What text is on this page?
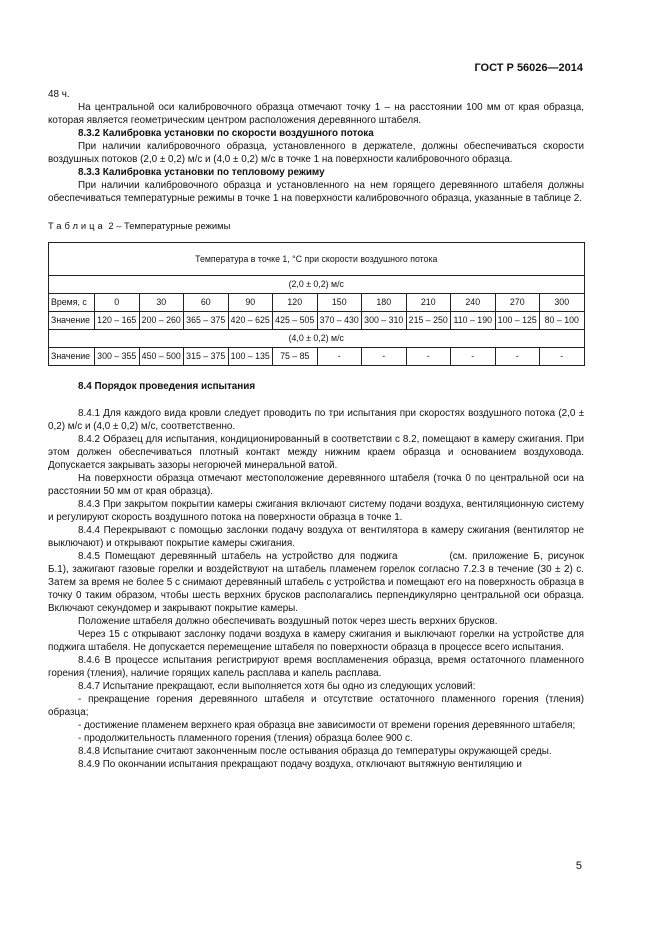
ГОСТ Р 56026—2014

48 ч.

На центральной оси калибровочного образца отмечают точку 1 – на расстоянии 100 мм от края образца, которая является геометрическим центром расположения деревянного штабеля.

8.3.2 Калибровка установки по скорости воздушного потока

При наличии калибровочного образца, установленного в держателе, должны обеспечиваться скорости воздушных потоков (2,0 ± 0,2) м/с и (4,0 ± 0,2) м/с в точке 1 на поверхности калибровочного образца.

8.3.3 Калибровка установки по тепловому режиму

При наличии калибровочного образца и установленного на нем горящего деревянного штабеля должны обеспечиваться температурные режимы в точке 1 на поверхности калибровочного образца, указанные в таблице 2.

Таблица 2 – Температурные режимы

Температура в точке 1, °С при скорости воздушного потока											
(2,0 ± 0,2) м/с											
Время, с	0	30	60	90	120	150	180	210	240	270	300
Значение	120 – 165	200 – 260	365 – 375	420 – 625	425 – 505	370 – 430	300 – 310	215 – 250	110 – 190	100 – 125	80 – 100
(4,0 ± 0,2) м/с											
Значение	300 – 355	450 – 500	315 – 375	100 – 135	75 – 85	-	-	-	-	-	-

8.4 Порядок проведения испытания

8.4.1 Для каждого вида кровли следует проводить по три испытания при скоростях воздушного потока (2,0 ± 0,2) м/с и (4,0 ± 0,2) м/с, соответственно.

8.4.2 Образец для испытания, кондиционированный в соответствии с 8.2, помещают в камеру сжигания. При этом должен обеспечиваться плотный контакт между нижним краем образца и основанием воздуховода. Допускается закрывать зазоры негорючей минеральной ватой.

На поверхности образца отмечают местоположение деревянного штабеля (точка 0 по центральной оси на расстоянии 50 мм от края образца).

8.4.3 При закрытом покрытии камеры сжигания включают систему подачи воздуха, вентиляционную систему и регулируют скорость воздушного потока на поверхности образца в точке 1.

8.4.4 Перекрывают с помощью заслонки подачу воздуха от вентилятора в камеру сжигания (вентилятор не выключают) и открывают покрытие камеры сжигания.

8.4.5 Помещают деревянный штабель на устройство для поджига	(см. приложение Б, рисунок Б.1), зажигают газовые горелки и воздействуют на штабель пламенем горелок согласно 7.2.3 в течение (30 ± 2) с. Затем за время не более 5 с снимают деревянный штабель с устройства и помещают его на поверхность образца в точку 0 таким образом, чтобы шесть верхних брусков располагались перпендикулярно центральной оси образца. Включают секундомер и закрывают покрытие камеры.

Положение штабеля должно обеспечивать воздушный поток через шесть верхних брусков.

Через 15 с открывают заслонку подачи воздуха в камеру сжигания и выключают горелки на устройстве для поджига штабеля. Не допускается перемещение штабеля по поверхности образца в процессе всего испытания.

8.4.6 В процессе испытания регистрируют время воспламенения образца, время остаточного пламенного горения (тления), наличие горящих капель расплава и капель расплава.

8.4.7 Испытание прекращают, если выполняется хотя бы одно из следующих условий:

- прекращение горения деревянного штабеля и отсутствие остаточного пламенного горения (тления) образца;

- достижение пламенем верхнего края образца вне зависимости от времени горения деревянного штабеля;

- продолжительность пламенного горения (тления) образца более 900 с.

8.4.8 Испытание считают законченным после остывания образца до температуры окружающей среды.

8.4.9 По окончании испытания прекращают подачу воздуха, отключают вытяжную вентиляцию и

5
